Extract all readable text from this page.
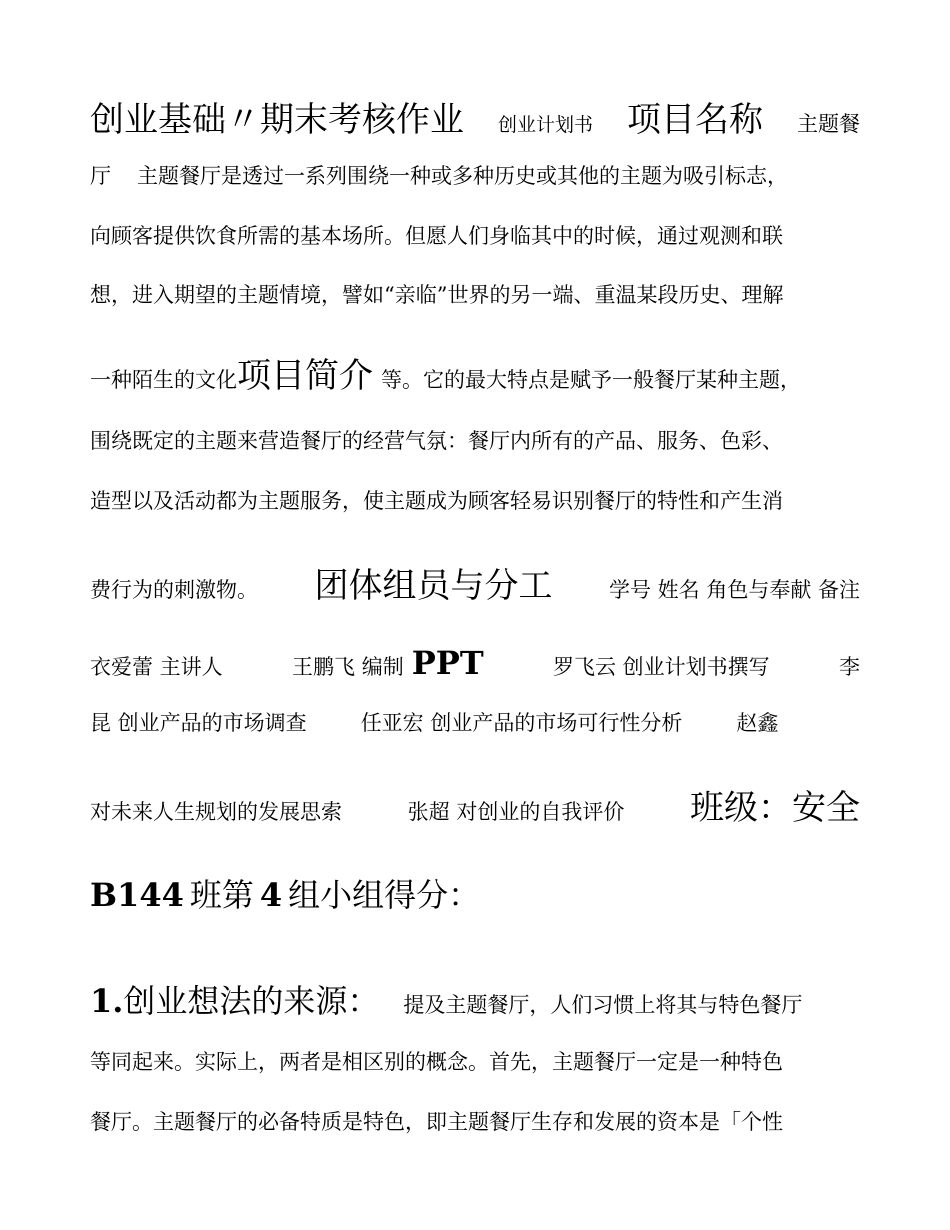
创业基础〃期末考核作业 创业计划书 项目名称 主题餐
厅 主题餐厅是透过一系列围绕一种或多种历史或其他的主题为吸引标志，
向顾客提供饮食所需的基本场所。但愿人们身临其中的时候，通过观测和联
想，进入期望的主题情境，譬如“亲临”世界的另一端、重温某段历史、理解
一种陌生的文化 项目简介 等。它的最大特点是赋予一般餐厅某种主题，
围绕既定的主题来营造餐厅的经营气氛：餐厅内所有的产品、服务、色彩、
造型以及活动都为主题服务，使主题成为顾客轻易识别餐厅的特性和产生消
费行为的刺激物。 团体组员与分工	学号 姓名 角色与奉献 备注
衣爱蕾 主讲人	王鹏飞 编制 PPT	罗飞云 创业计划书撰写	李
昆 创业产品的市场调查	任亚宏 创业产品的市场可行性分析	赵鑫
对未来人生规划的发展思索	张超 对创业的自我评价 班级：安全
B144 班第 4 组小组得分：
1. 创业想法的来源： 提及主题餐厅，人们习惯上将其与特色餐厅
等同起来。实际上，两者是相区别的概念。首先，主题餐厅一定是一种特色
餐厅。主题餐厅的必备特质是特色，即主题餐厅生存和发展的资本是「个性
